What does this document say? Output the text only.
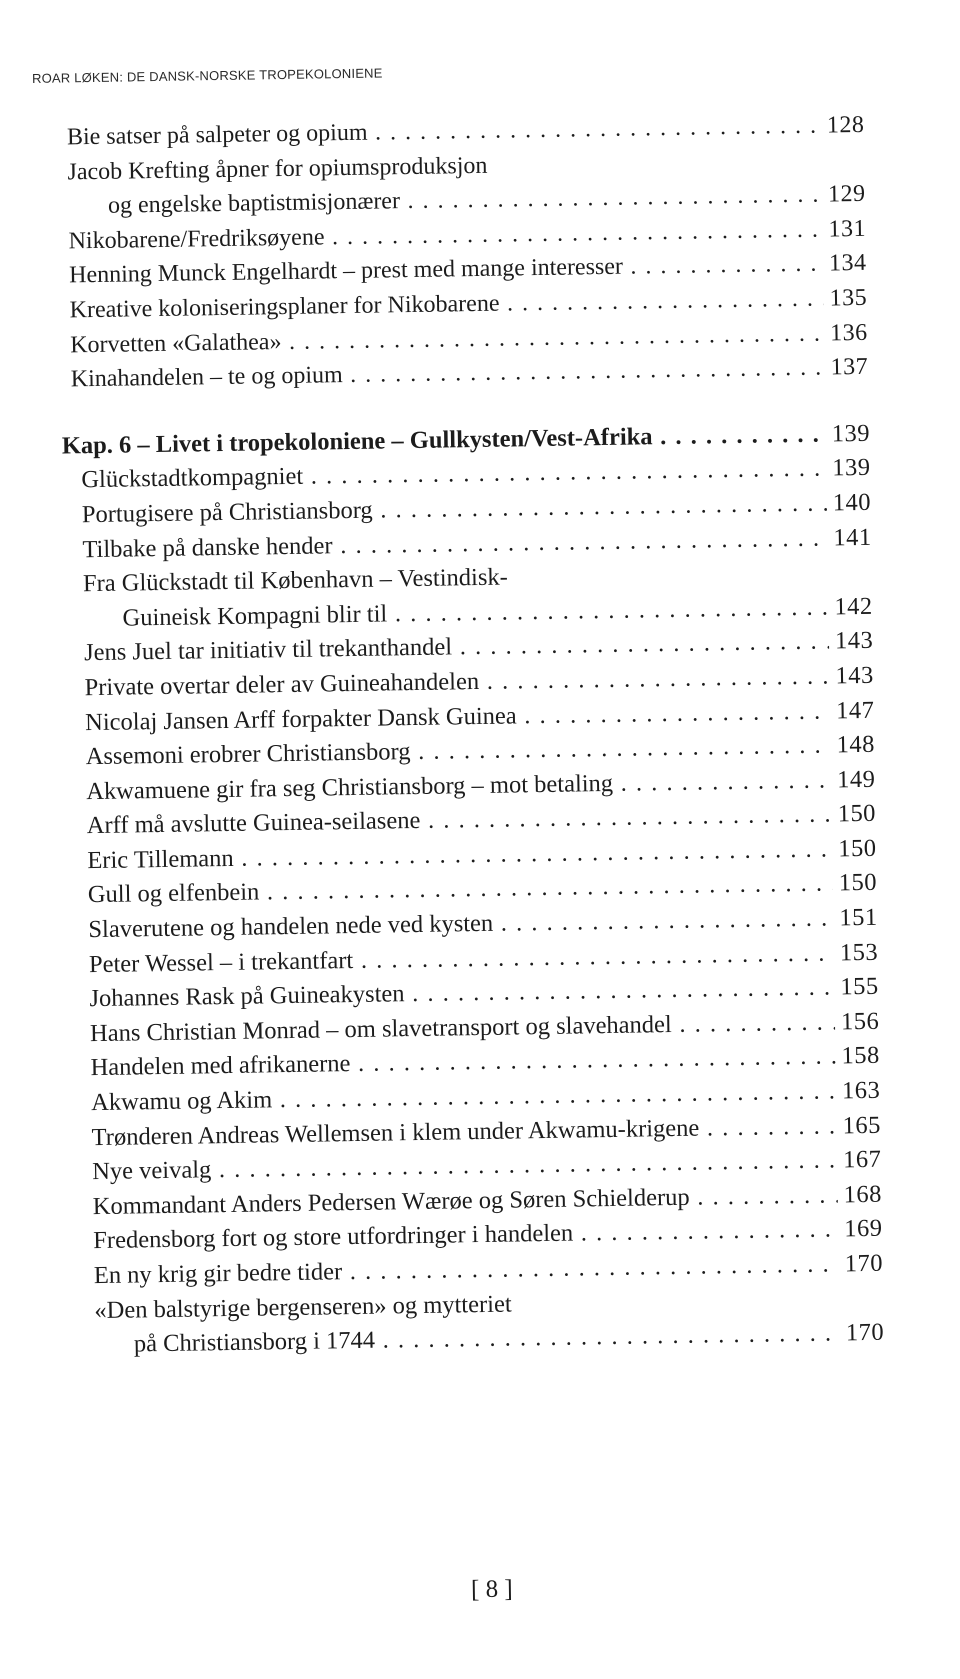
ROAR LØKEN: DE DANSK-NORSKE TROPEKOLONIENE
Bie satser på salpeter og opium . . .	128
Jacob Krefting åpner for opiumsproduksjon
og engelske baptistmisjonærer . . .	129
Nikobarene/Fredriksøyene . . .	131
Henning Munck Engelhardt – prest med mange interesser . . .	134
Kreative koloniseringsplaner for Nikobarene . . .	135
Korvetten «Galathea» . . .	136
Kinahandelen – te og opium . . .	137
Kap. 6 – Livet i tropekoloniene – Gullkysten/Vest-Afrika . . .	139
Glückstadtkompagniet . . .	139
Portugisere på Christiansborg . . .	140
Tilbake på danske hender . . .	141
Fra Glückstadt til København – Vestindisk-
Guineisk Kompagni blir til . . .	142
Jens Juel tar initiativ til trekanthandel . . .	143
Private overtar deler av Guineahandelen . . .	143
Nicolaj Jansen Arff forpakter Dansk Guinea . . .	147
Assemoni erobrer Christiansborg . . .	148
Akwamuene gir fra seg Christiansborg – mot betaling . . .	149
Arff må avslutte Guinea-seilasene . . .	150
Eric Tillemann . . .	150
Gull og elfenbein . . .	150
Slaverutene og handelen nede ved kysten . . .	151
Peter Wessel – i trekantfart . . .	153
Johannes Rask på Guineakysten . . .	155
Hans Christian Monrad – om slavetransport og slavehandel . . .	156
Handelen med afrikanerne . . .	158
Akwamu og Akim . . .	163
Trønderen Andreas Wellemsen i klem under Akwamu-krigene . . .	165
Nye veivalg . . .	167
Kommandant Anders Pedersen Wærøe og Søren Schielderup . . .	168
Fredensborg fort og store utfordringer i handelen . . .	169
En ny krig gir bedre tider . . .	170
«Den balstyrige bergenseren» og mytteriet
på Christiansborg i 1744 . . .	170
[ 8 ]
